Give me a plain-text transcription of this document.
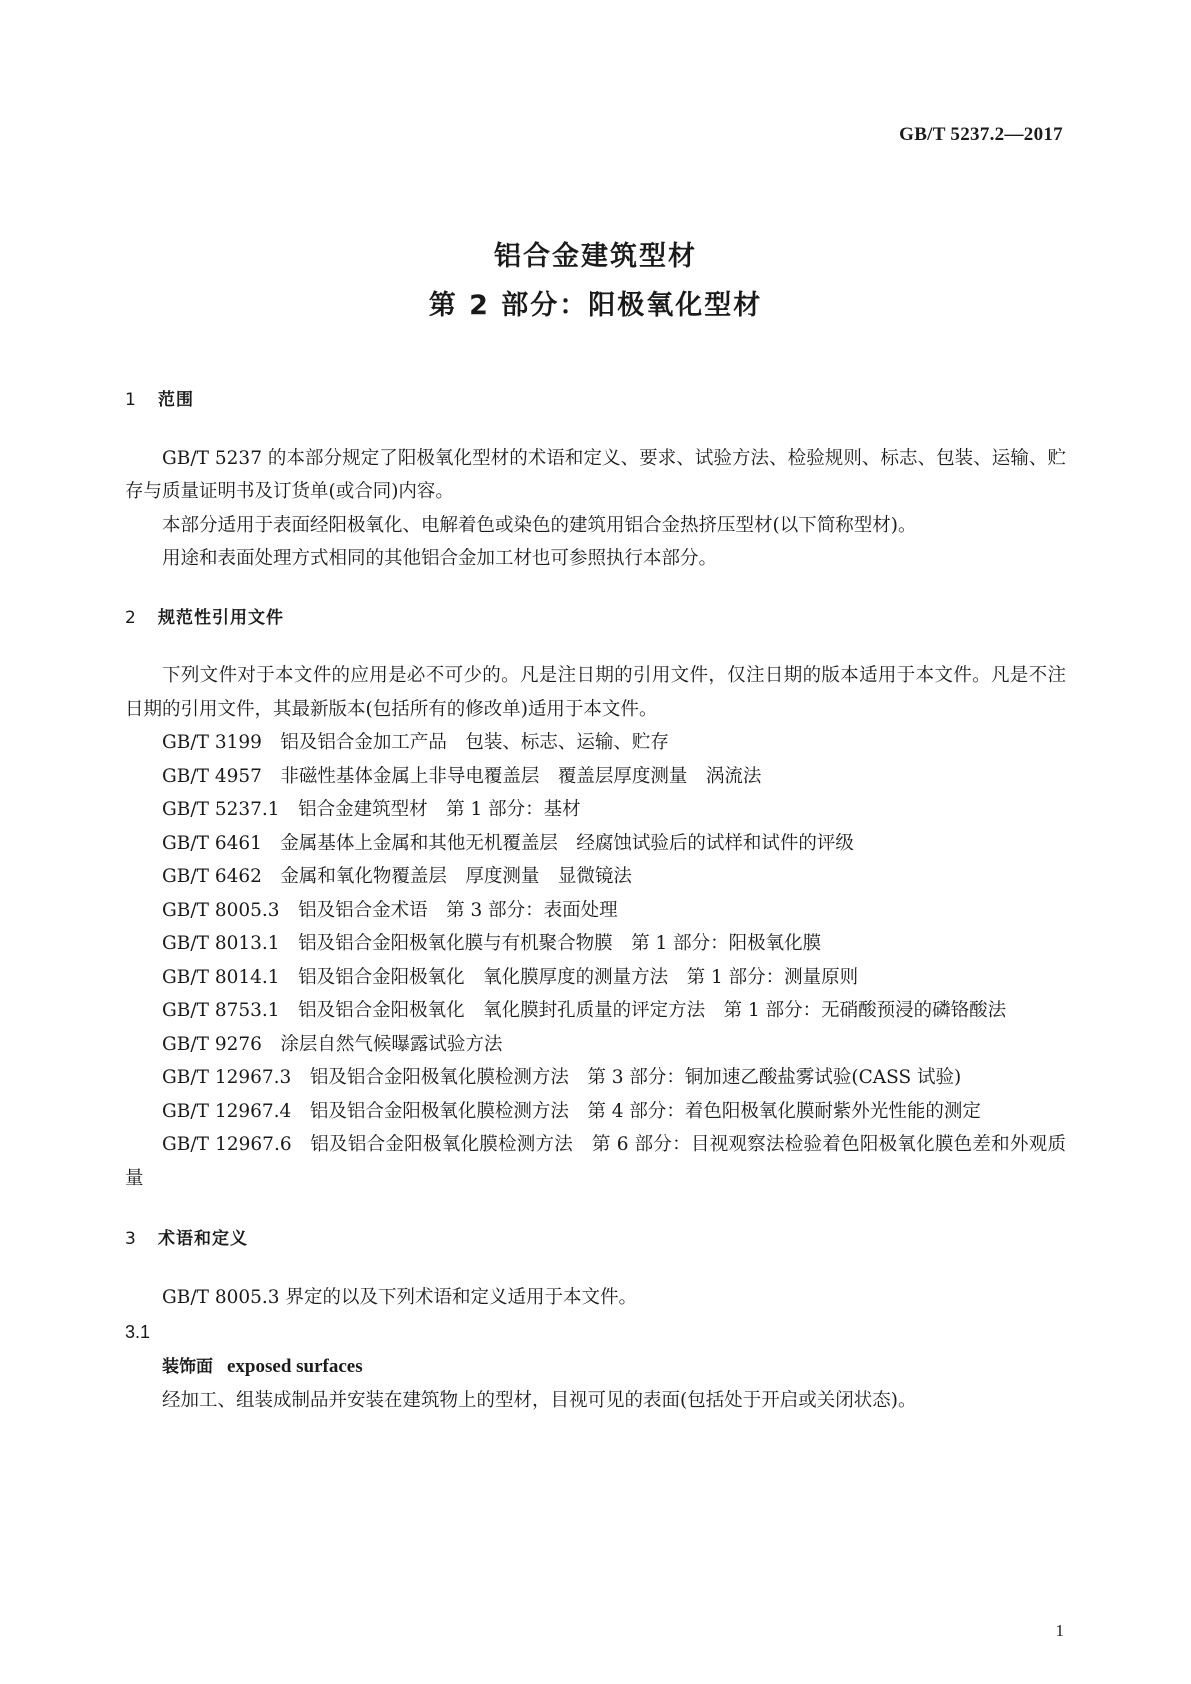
GB/T 5237.2—2017
铝合金建筑型材
第 2 部分：阳极氧化型材
1 范围

GB/T 5237 的本部分规定了阳极氧化型材的术语和定义、要求、试验方法、检验规则、标志、包装、运输、贮存与质量证明书及订货单(或合同)内容。

本部分适用于表面经阳极氧化、电解着色或染色的建筑用铝合金热挤压型材(以下简称型材)。

用途和表面处理方式相同的其他铝合金加工材也可参照执行本部分。

2 规范性引用文件

下列文件对于本文件的应用是必不可少的。凡是注日期的引用文件，仅注日期的版本适用于本文件。凡是不注日期的引用文件，其最新版本(包括所有的修改单)适用于本文件。

GB/T 3199 铝及铝合金加工产品　包装、标志、运输、贮存

GB/T 4957 非磁性基体金属上非导电覆盖层　覆盖层厚度测量　涡流法

GB/T 5237.1 铝合金建筑型材　第 1 部分：基材

GB/T 6461 金属基体上金属和其他无机覆盖层　经腐蚀试验后的试样和试件的评级

GB/T 6462 金属和氧化物覆盖层　厚度测量　显微镜法

GB/T 8005.3 铝及铝合金术语　第 3 部分：表面处理

GB/T 8013.1 铝及铝合金阳极氧化膜与有机聚合物膜　第 1 部分：阳极氧化膜

GB/T 8014.1 铝及铝合金阳极氧化　氧化膜厚度的测量方法　第 1 部分：测量原则

GB/T 8753.1 铝及铝合金阳极氧化　氧化膜封孔质量的评定方法　第 1 部分：无硝酸预浸的磷铬酸法

GB/T 9276 涂层自然气候曝露试验方法

GB/T 12967.3 铝及铝合金阳极氧化膜检测方法　第 3 部分：铜加速乙酸盐雾试验(CASS 试验)

GB/T 12967.4 铝及铝合金阳极氧化膜检测方法　第 4 部分：着色阳极氧化膜耐紫外光性能的测定

GB/T 12967.6 铝及铝合金阳极氧化膜检测方法　第 6 部分：目视观察法检验着色阳极氧化膜色差和外观质量

3 术语和定义

GB/T 8005.3 界定的以及下列术语和定义适用于本文件。

3.1

装饰面 exposed surfaces

经加工、组装成制品并安装在建筑物上的型材，目视可见的表面(包括处于开启或关闭状态)。

1
